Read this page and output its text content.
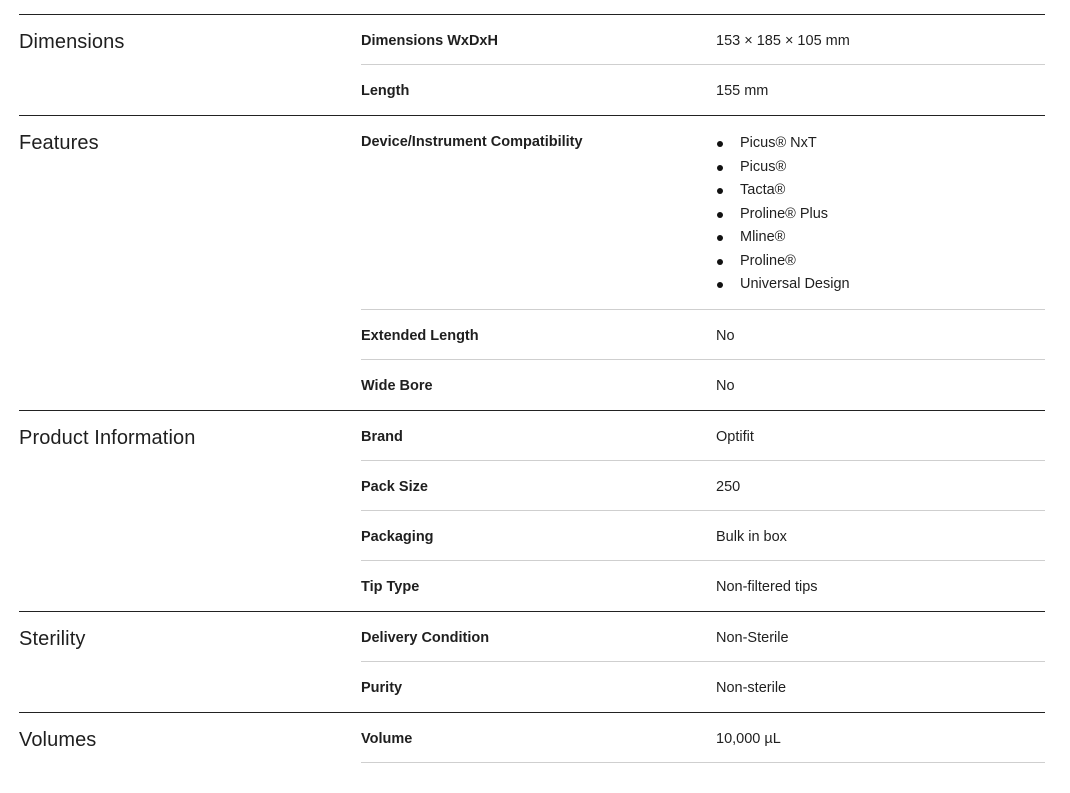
Dimensions	Dimensions WxDxH	153 × 185 × 105 mm
Length	155 mm
Features	Device/Instrument Compatibility	Picus® NxT
Picus®
Tacta®
Proline® Plus
Mline®
Proline®
Universal Design
Extended Length	No
Wide Bore	No
Product Information	Brand	Optifit
Pack Size	250
Packaging	Bulk in box
Tip Type	Non-filtered tips
Sterility	Delivery Condition	Non-Sterile
Purity	Non-sterile
Volumes	Volume	10,000 µL
